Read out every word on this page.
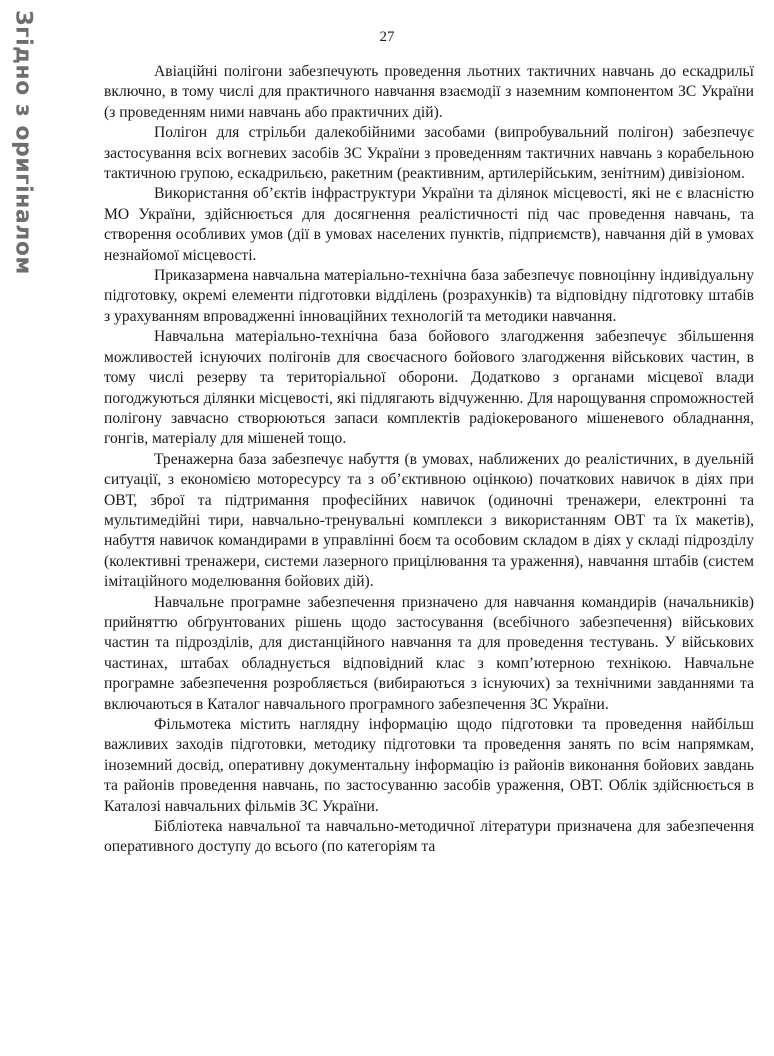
Згідно з оригіналом	27

Авіаційні полігони забезпечують проведення льотних тактичних навчань до ескадрильї включно, в тому числі для практичного навчання взаємодії з наземним компонентом ЗС України (з проведенням ними навчань або практичних дій).

Полігон для стрільби далекобійними засобами (випробувальний полігон) забезпечує застосування всіх вогневих засобів ЗС України з проведенням тактичних навчань з корабельною тактичною групою, ескадрильєю, ракетним (реактивним, артилерійським, зенітним) дивізіоном.

Використання об’єктів інфраструктури України та ділянок місцевості, які не є власністю МО України, здійснюється для досягнення реалістичності під час проведення навчань, та створення особливих умов (дії в умовах населених пунктів, підприємств), навчання дій в умовах незнайомої місцевості.

Приказармена навчальна матеріально-технічна база забезпечує повноцінну індивідуальну підготовку, окремі елементи підготовки відділень (розрахунків) та відповідну підготовку штабів з урахуванням впровадженні інноваційних технологій та методики навчання.

Навчальна матеріально-технічна база бойового злагодження забезпечує збільшення можливостей існуючих полігонів для своєчасного бойового злагодження військових частин, в тому числі резерву та територіальної оборони. Додатково з органами місцевої влади погоджуються ділянки місцевості, які підлягають відчуженню. Для нарощування спроможностей полігону завчасно створюються запаси комплектів радіокерованого мішеневого обладнання, гонгів, матеріалу для мішеней тощо.

Тренажерна база забезпечує набуття (в умовах, наближених до реалістичних, в дуельній ситуації, з економією моторесурсу та з об’єктивною оцінкою) початкових навичок в діях при ОВТ, зброї та підтримання професійних навичок (одиночні тренажери, електронні та мультимедійні тири, навчально-тренувальні комплекси з використанням ОВТ та їх макетів), набуття навичок командирами в управлінні боєм та особовим складом в діях у складі підрозділу (колективні тренажери, системи лазерного прицілювання та ураження), навчання штабів (систем імітаційного моделювання бойових дій).

Навчальне програмне забезпечення призначено для навчання командирів (начальників) прийняттю обґрунтованих рішень щодо застосування (всебічного забезпечення) військових частин та підрозділів, для дистанційного навчання та для проведення тестувань. У військових частинах, штабах обладнується відповідний клас з комп’ютерною технікою. Навчальне програмне забезпечення розробляється (вибираються з існуючих) за технічними завданнями та включаються в Каталог навчального програмного забезпечення ЗС України.

Фільмотека містить наглядну інформацію щодо підготовки та проведення найбільш важливих заходів підготовки, методику підготовки та проведення занять по всім напрямкам, іноземний досвід, оперативну документальну інформацію із районів виконання бойових завдань та районів проведення навчань, по застосуванню засобів ураження, ОВТ. Облік здійснюється в Каталозі навчальних фільмів ЗС України.

Бібліотека навчальної та навчально-методичної літератури призначена для забезпечення оперативного доступу до всього (по категоріям та
